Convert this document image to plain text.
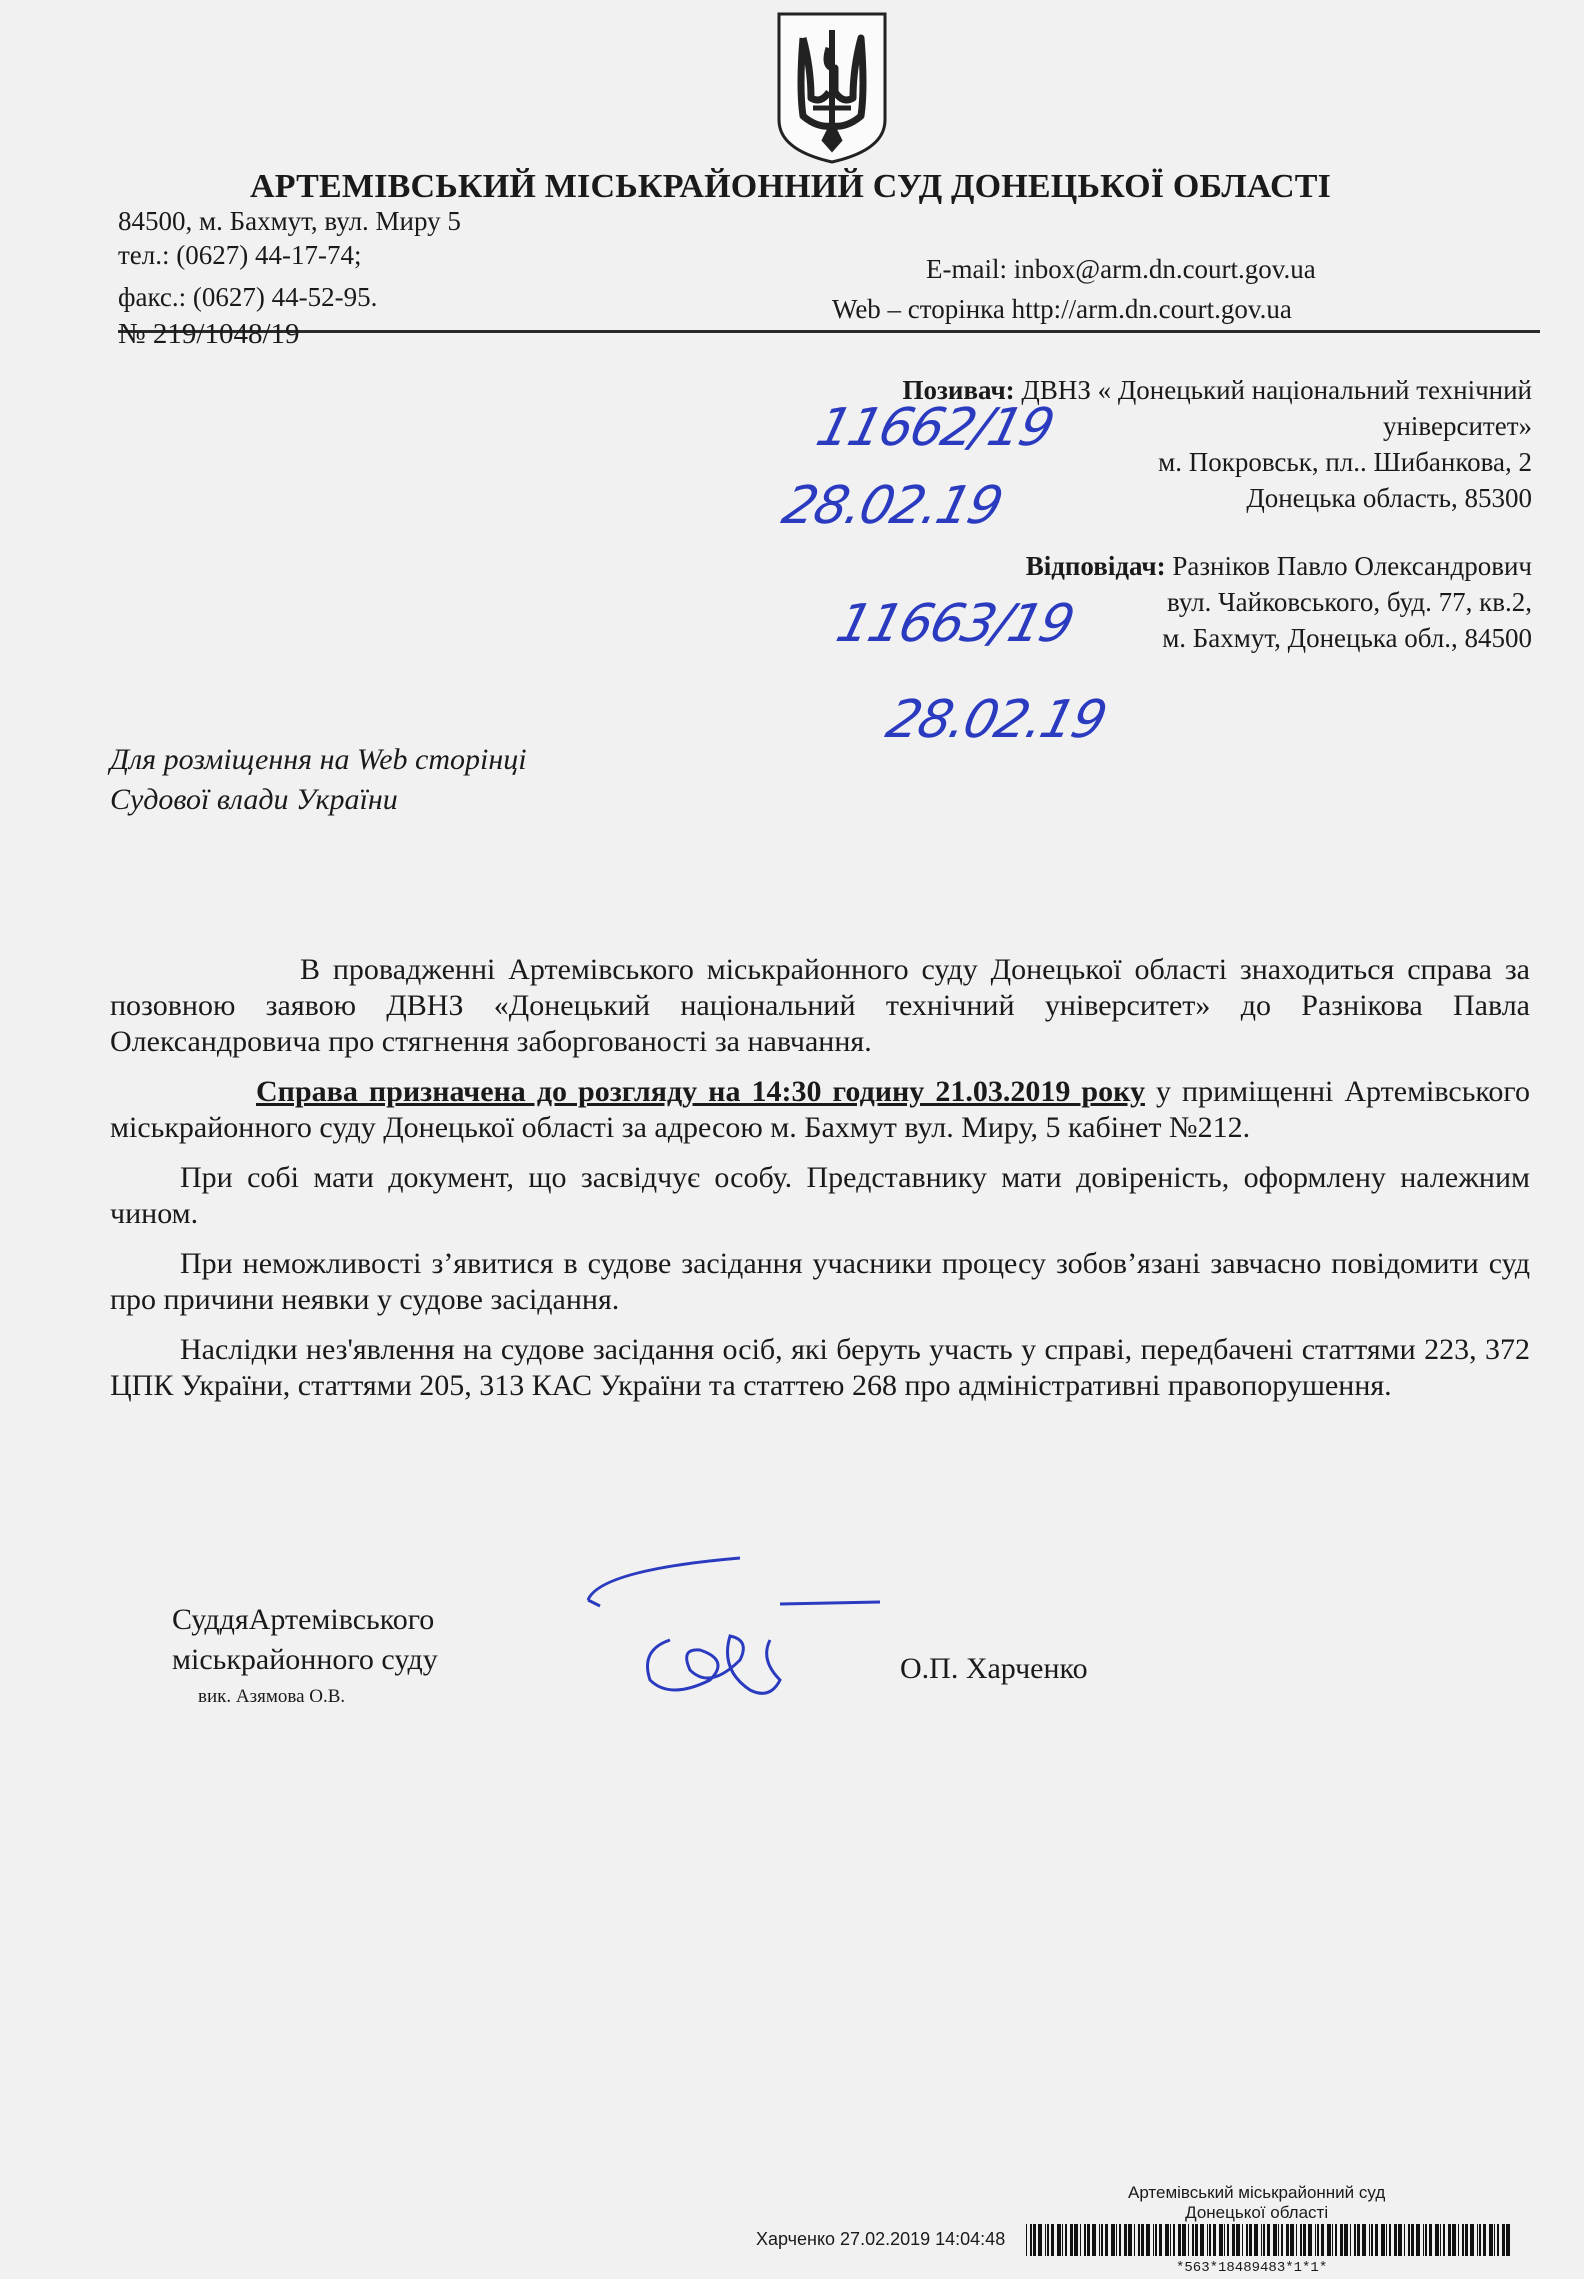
АРТЕМІВСЬКИЙ МІСЬКРАЙОННИЙ СУД ДОНЕЦЬКОЇ ОБЛАСТІ
84500, м. Бахмут, вул. Миру 5
тел.: (0627) 44-17-74;
факс.: (0627) 44-52-95.
E-mail: inbox@arm.dn.court.gov.ua
Web – сторінка http://arm.dn.court.gov.ua
№ 219/1048/19
Позивач: ДВНЗ « Донецький національний технічний
університет»
м. Покровськ, пл.. Шибанкова, 2
Донецька область, 85300
Відповідач: Разніков Павло Олександрович
вул. Чайковського, буд. 77, кв.2,
м. Бахмут, Донецька обл., 84500
11662/19
28.02.19
11663/19
28.02.19
Для розміщення на Web сторінці
Судової влади України

В провадженні Артемівського міськрайонного суду Донецької області знаходиться справа за позовною заявою ДВНЗ «Донецький національний технічний університет» до Разнікова Павла Олександровича про стягнення заборгованості за навчання.

Справа призначена до розгляду на 14:30 годину 21.03.2019 року у приміщенні Артемівського міськрайонного суду Донецької області за адресою м. Бахмут вул. Миру, 5 кабінет №212.

При собі мати документ, що засвідчує особу. Представнику мати довіреність, оформлену належним чином.

При неможливості з’явитися в судове засідання учасники процесу зобов’язані завчасно повідомити суд про причини неявки у судове засідання.

Наслідки нез'явлення на судове засідання осіб, які беруть участь у справі, передбачені статтями 223, 372 ЦПК України, статтями 205, 313 КАС України та статтею 268 про адміністративні правопорушення.

СуддяАртемівського
міськрайонного суду
вик. Азямова О.В.
О.П. Харченко
Артемівський міськрайонний суд
Донецької області
Харченко 27.02.2019 14:04:48
*563*18489483*1*1*
